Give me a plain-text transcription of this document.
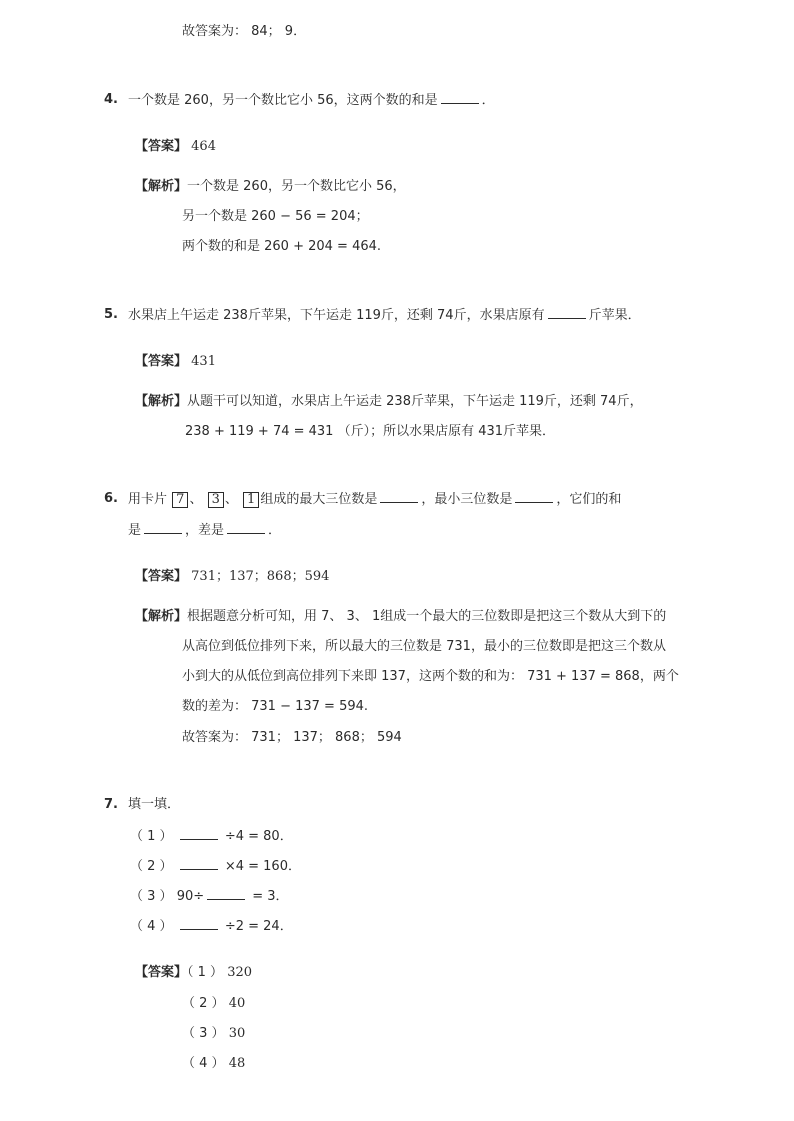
故答案为： 84； 9．
4. 一个数是 260，另一个数比它小 56，这两个数的和是	．
【答案】 464
【解析】一个数是 260，另一个数比它小 56，
另一个数是 260 − 56 = 204；
两个数的和是 260 + 204 = 464.
5. 水果店上午运走 238斤苹果，下午运走 119斤，还剩 74斤，水果店原有	斤苹果．
【答案】 431
【解析】从题干可以知道，水果店上午运走 238斤苹果，下午运走 119斤，还剩 74斤，
238 + 119 + 74 = 431 （斤）；所以水果店原有 431斤苹果．
6. 用卡片 7 、 3 、 1 组成的最大三位数是	，最小三位数是	，它们的和
是	，差是	．
【答案】 731；137；868；594
【解析】根据题意分析可知，用 7、 3、 1组成一个最大的三位数即是把这三个数从大到下的
从高位到低位排列下来，所以最大的三位数是 731，最小的三位数即是把这三个数从
小到大的从低位到高位排列下来即 137，这两个数的和为： 731 + 137 = 868，两个
数的差为： 731 − 137 = 594.
故答案为： 731； 137； 868； 594
7. 填一填．
（ 1 ）	÷4 = 80．
（ 2 ）	×4 = 160．
（ 3 ） 90÷	= 3．
（ 4 ）	÷2 = 24．
【答案】（ 1 ） 320
（ 2 ） 40
（ 3 ） 30
（ 4 ） 48
